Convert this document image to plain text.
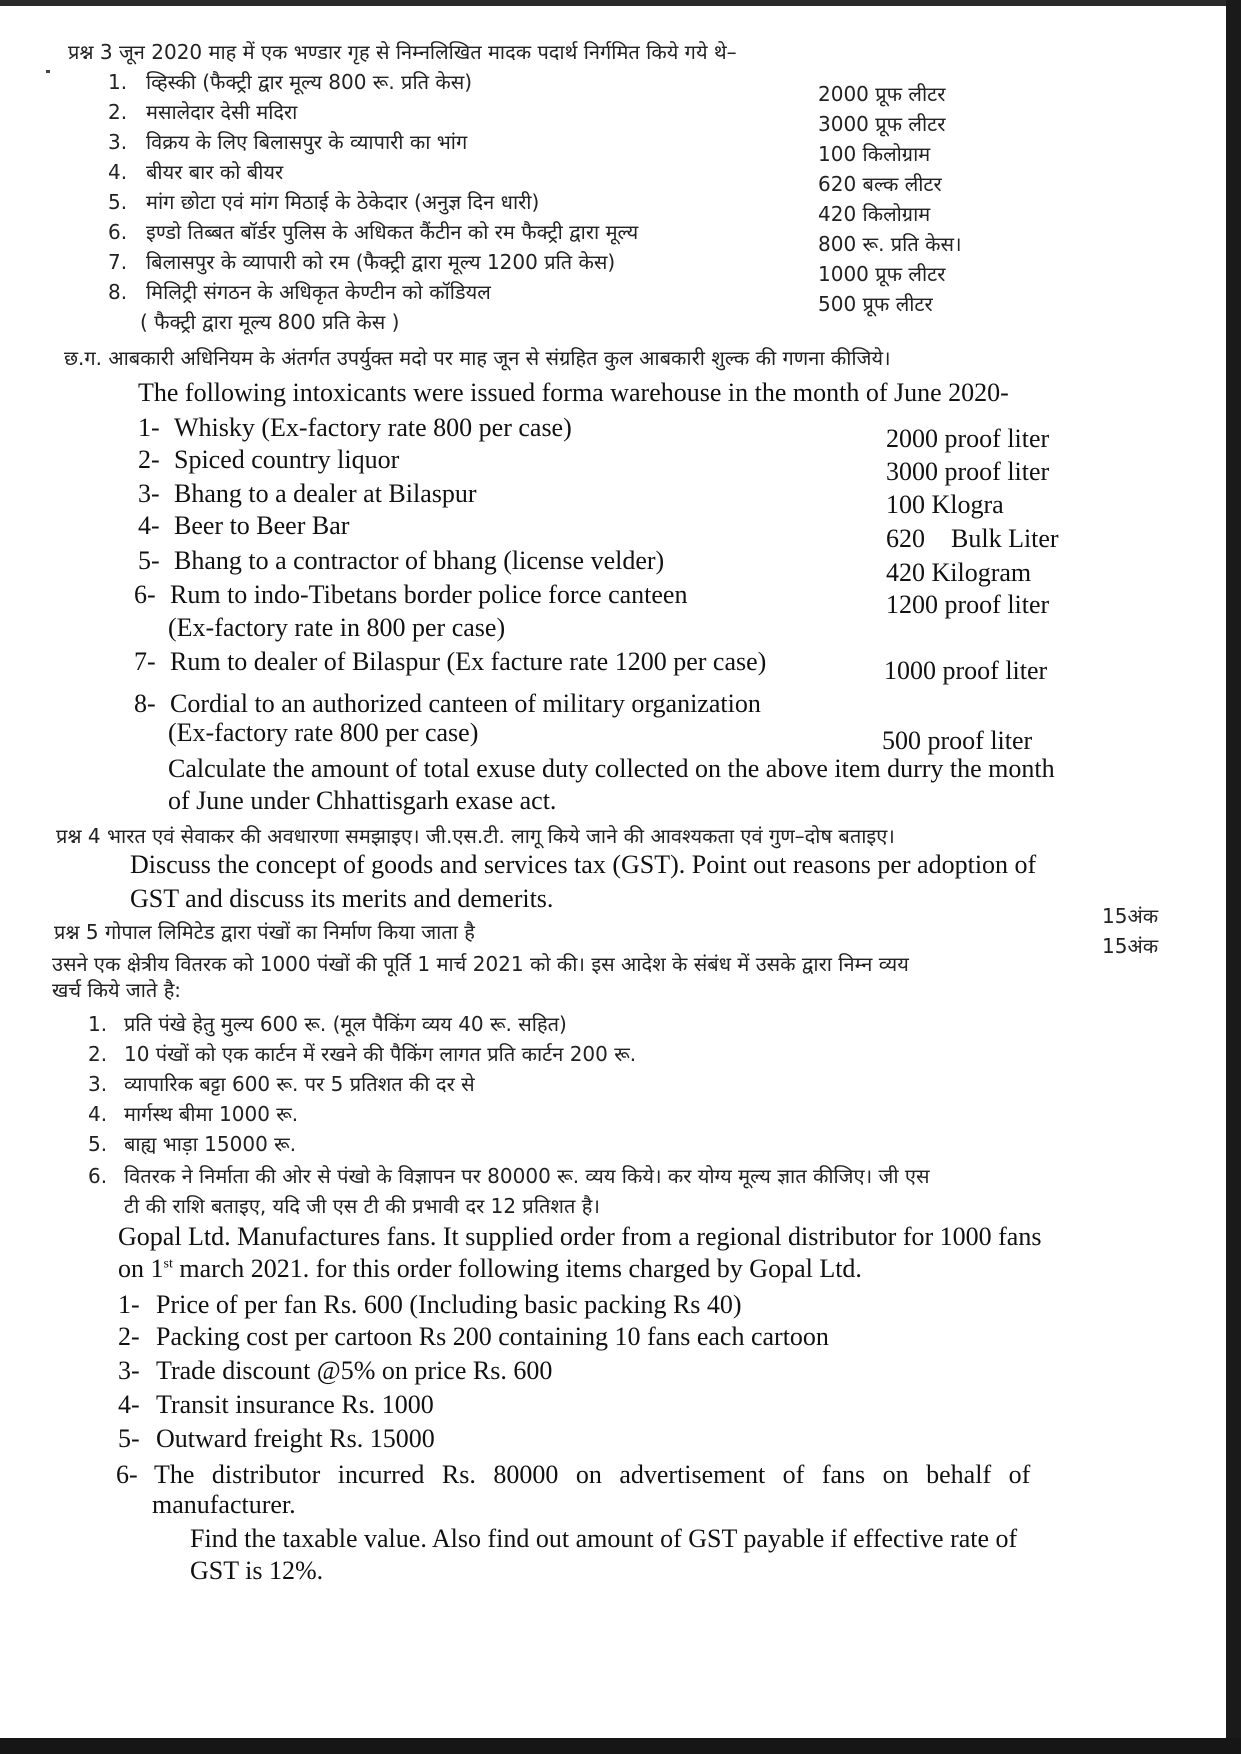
प्रश्न 3 जून 2020 माह में एक भण्डार गृह से निम्नलिखित मादक पदार्थ निर्गमित किये गये थे–
1. व्हिस्की (फैक्ट्री द्वार मूल्य 800 रू. प्रति केस)	2000 प्रूफ लीटर
2. मसालेदार देसी मदिरा	3000 प्रूफ लीटर
3. विक्रय के लिए बिलासपुर के व्यापारी का भांग	100 किलोग्राम
4. बीयर बार को बीयर	620 बल्क लीटर
5. मांग छोटा एवं मांग मिठाई के ठेकेदार (अनुज्ञ दिन धारी)	420 किलोग्राम
6. इण्डो तिब्बत बॉर्डर पुलिस के अधिकत कैंटीन को रम फैक्ट्री द्वारा मूल्य	800 रू. प्रति केस।
7. बिलासपुर के व्यापारी को रम (फैक्ट्री द्वारा मूल्य 1200 प्रति केस)	1000 प्रूफ लीटर
8. मिलिट्री संगठन के अधिकृत केण्टीन को कॉडियल	500 प्रूफ लीटर
( फैक्ट्री द्वारा मूल्य 800 प्रति केस )
छ.ग. आबकारी अधिनियम के अंतर्गत उपर्युक्त मदो पर माह जून से संग्रहित कुल आबकारी शुल्क की गणना कीजिये।
The following intoxicants were issued forma warehouse in the month of June 2020-
1- Whisky (Ex-factory rate 800 per case)	2000 proof liter
2- Spiced country liquor	3000 proof liter
3- Bhang to a dealer at Bilaspur	100 Klogra
4- Beer to Beer Bar	620    Bulk Liter
5- Bhang to a contractor of bhang (license velder)	420 Kilogram
6- Rum to indo-Tibetans border police force canteen	1200 proof liter
(Ex-factory rate in 800 per case)
7- Rum to dealer of Bilaspur (Ex facture rate 1200 per case)	1000 proof liter
8- Cordial to an authorized canteen of military organization
(Ex-factory rate 800 per case)	500 proof liter
Calculate the amount of total exuse duty collected on the above item durry the month
of June under Chhattisgarh exase act.
प्रश्न 4 भारत एवं सेवाकर की अवधारणा समझाइए। जी.एस.टी. लागू किये जाने की आवश्यकता एवं गुण–दोष बताइए।
Discuss the concept of goods and services tax (GST). Point out reasons per adoption of
GST and discuss its merits and demerits.
15अंक
प्रश्न 5 गोपाल लिमिटेड द्वारा पंखों का निर्माण किया जाता है
15अंक
उसने एक क्षेत्रीय वितरक को 1000 पंखों की पूर्ति 1 मार्च 2021 को की। इस आदेश के संबंध में उसके द्वारा निम्न व्यय
खर्च किये जाते है:
1. प्रति पंखे हेतु मुल्य 600 रू. (मूल पैकिंग व्यय 40 रू. सहित)
2. 10 पंखों को एक कार्टन में रखने की पैकिंग लागत प्रति कार्टन 200 रू.
3. व्यापारिक बट्टा 600 रू. पर 5 प्रतिशत की दर से
4. मार्गस्थ बीमा 1000 रू.
5. बाह्य भाड़ा 15000 रू.
6. वितरक ने निर्माता की ओर से पंखो के विज्ञापन पर 80000 रू. व्यय किये। कर योग्य मूल्य ज्ञात कीजिए। जी एस
टी की राशि बताइए, यदि जी एस टी की प्रभावी दर 12 प्रतिशत है।
Gopal Ltd. Manufactures fans. It supplied order from a regional distributor for 1000 fans
on 1st march 2021. for this order following items charged by Gopal Ltd.
1- Price of per fan Rs. 600 (Including basic packing Rs 40)
2- Packing cost per cartoon Rs 200 containing 10 fans each cartoon
3- Trade discount @5% on price Rs. 600
4- Transit insurance Rs. 1000
5- Outward freight Rs. 15000
6- The distributor incurred Rs. 80000 on advertisement of fans on behalf of
manufacturer.
Find the taxable value. Also find out amount of GST payable if effective rate of
GST is 12%.
